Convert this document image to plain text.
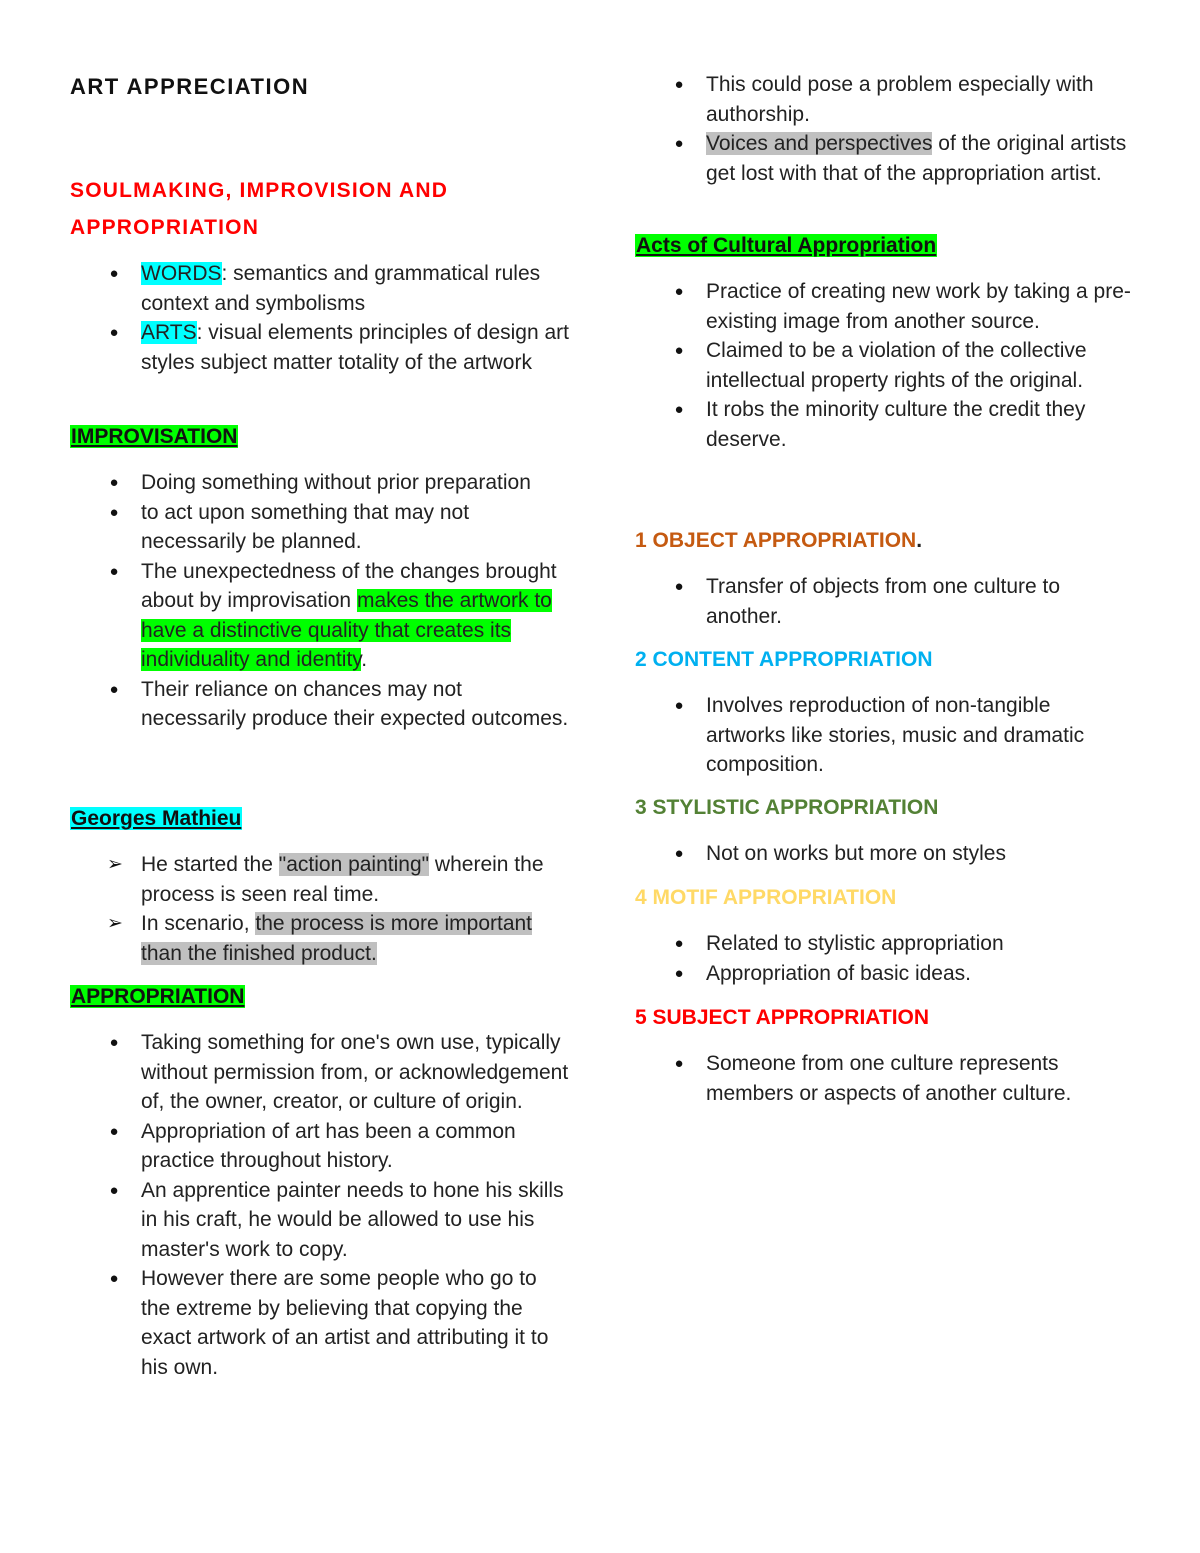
ART APPRECIATION
SOULMAKING, IMPROVISION AND
APPROPRIATION
● WORDS: semantics and grammatical rules context and symbolisms
● ARTS: visual elements principles of design art styles subject matter totality of the artwork
IMPROVISATION
● Doing something without prior preparation
● to act upon something that may not necessarily be planned.
● The unexpectedness of the changes brought about by improvisation makes the artwork to have a distinctive quality that creates its individuality and identity.
● Their reliance on chances may not necessarily produce their expected outcomes.
Georges Mathieu
➢ He started the "action painting" wherein the process is seen real time.
➢ In scenario, the process is more important than the finished product.
APPROPRIATION
● Taking something for one's own use, typically without permission from, or acknowledgement of, the owner, creator, or culture of origin.
● Appropriation of art has been a common practice throughout history.
● An apprentice painter needs to hone his skills in his craft, he would be allowed to use his master's work to copy.
● However there are some people who go to the extreme by believing that copying the exact artwork of an artist and attributing it to his own.
● This could pose a problem especially with authorship.
● Voices and perspectives of the original artists get lost with that of the appropriation artist.
Acts of Cultural Appropriation
● Practice of creating new work by taking a pre-existing image from another source.
● Claimed to be a violation of the collective intellectual property rights of the original.
● It robs the minority culture the credit they deserve.

1 OBJECT APPROPRIATION.

● Transfer of objects from one culture to another.

2 CONTENT APPROPRIATION

● Involves reproduction of non-tangible artworks like stories, music and dramatic composition.

3 STYLISTIC APPROPRIATION

● Not on works but more on styles

4 MOTIF APPROPRIATION

● Related to stylistic appropriation
● Appropriation of basic ideas.

5 SUBJECT APPROPRIATION

● Someone from one culture represents members or aspects of another culture.
